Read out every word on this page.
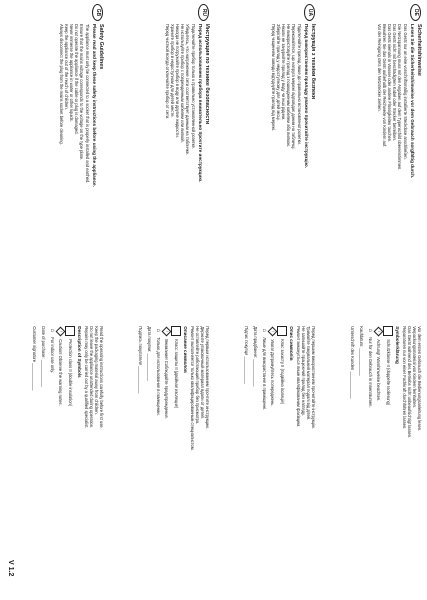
GB
Safety Guidelines
Please read and keep these safety instructions before using the appliance.

The appliance must only be connected to a socket that is properly installed and earthed.

Ensure that the mains voltage corresponds to the voltage on the type plate.

Do not operate the appliance if the cable or plug is damaged.

Never immerse the appliance in water or other liquids.

Keep the appliance out of the reach of children.

Always disconnect the plug from the mains socket before cleaning.

Read the operating instructions carefully before first use.

Keep the packaging material away from children.

Do not leave the appliance unattended during operation.

Repairs may only be carried out by a qualified specialist.

Description of Symbols
Protection class II (double insulation)
!
Caution! Observe the warning notes.
⌂
For indoor use only.

Date of purchase: ____________

Customer signature ____________

RU
Инструкция по технике безопасности
Перед использованием прибора внимательно прочтите инструкцию.

Подключайте прибор только к правильно установленной розетке.

Убедитесь, что напряжение сети соответствует данным на табличке.

Не используйте прибор с поврежденным кабелем или вилкой.

Никогда не погружайте прибор в воду или другие жидкости.

Храните прибор в недоступном для детей месте.

Перед чисткой всегда отключайте прибор от сети.

Перед первым использованием прочтите инструкцию.

Держите упаковочный материал вдали от детей.

Не оставляйте работающий прибор без присмотра.

Ремонт выполняется только квалифицированным специалистом.

Описание символов
Класс защиты II (двойная изоляция)
!
Внимание! Соблюдайте предупреждения.
⌂
Только для использования в помещении.

Дата покупки: ____________

Подпись покупателя ____________

UA
Інструкція з техніки безпеки
Перед використанням приладу уважно прочитайте інструкцію.

Підключайте прилад лише до правильно встановленої розетки.

Переконайтеся, що напруга мережі відповідає даним на табличці.

Не використовуйте прилад з пошкодженим кабелем або вилкою.

Ніколи не занурюйте прилад у воду чи інші рідини.

Зберігайте прилад у недоступному для дітей місці.

Перед чищенням завжди від'єднуйте прилад від мережі.

Перед першим використанням прочитайте інструкцію.

Тримайте пакувальний матеріал подалі від дітей.

Не залишайте працюючий прилад без нагляду.

Ремонт виконується лише кваліфікованим фахівцем.

Опис символів
Клас захисту II (подвійна ізоляція)
!
Увага! Дотримуйтесь попереджень.
⌂
Лише для використання в приміщенні.

Дата придбання: ____________

Підпис покупця ____________

DE
Sicherheitshinweise
Lesen Sie die Sicherheitshinweise vor dem Gebrauch sorgfältig durch.

Das Gerät nur an eine vorschriftsmäßig installierte Steckdose anschließen.

Die Netzspannung muss mit den Angaben auf dem Typenschild übereinstimmen.

Das Gerät nicht mit beschädigtem Kabel oder Stecker betreiben.

Das Gerät niemals in Wasser oder andere Flüssigkeiten tauchen.

Bewahren Sie das Gerät außerhalb der Reichweite von Kindern auf.

Vor der Reinigung stets den Netzstecker ziehen.

Vor dem ersten Gebrauch die Bedienungsanleitung lesen.

Verpackungsmaterial von Kindern fernhalten.

Das Gerät während des Betriebs nicht unbeaufsichtigt lassen.

Reparaturen nur von einer Fachkraft durchführen lassen.

Symbolerklärung
Schutzklasse II (doppelte Isolierung)
!
Achtung! Warnhinweise beachten.
⌂
Nur für den Gebrauch in Innenräumen.

Kaufdatum: ____________

Unterschrift des Kunden ____________

V 1.2
